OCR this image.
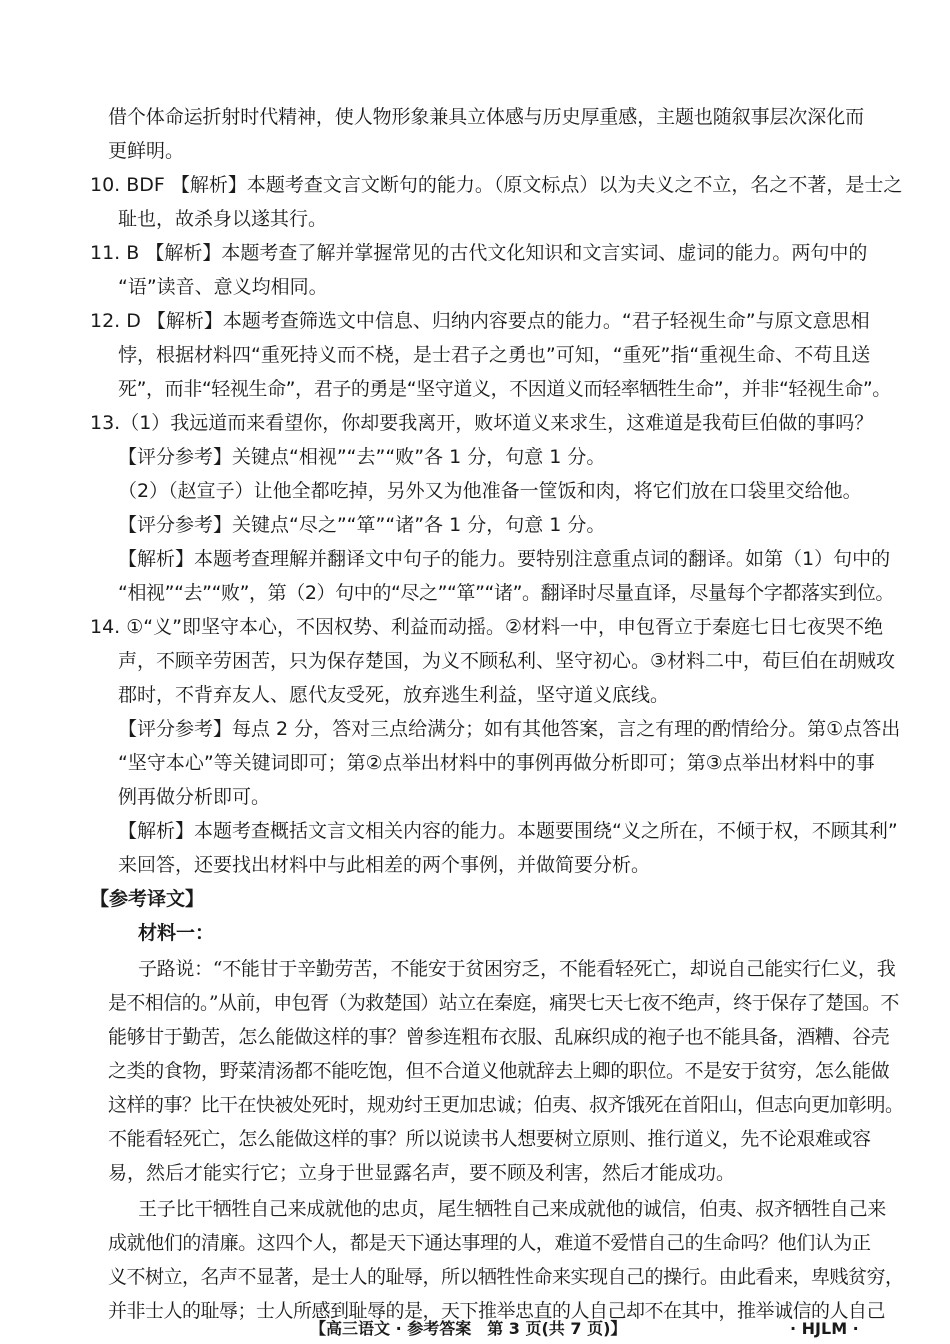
借个体命运折射时代精神，使人物形象兼具立体感与历史厚重感，主题也随叙事层次深化而
更鲜明。
10. BDF 【解析】本题考查文言文断句的能力。（原文标点）以为夫义之不立，名之不著，是士之
耻也，故杀身以遂其行。
11. B 【解析】本题考查了解并掌握常见的古代文化知识和文言实词、虚词的能力。两句中的
“语”读音、意义均相同。
12. D 【解析】本题考查筛选文中信息、归纳内容要点的能力。“君子轻视生命”与原文意思相
悖，根据材料四“重死持义而不桡，是士君子之勇也”可知，“重死”指“重视生命、不苟且送
死”，而非“轻视生命”，君子的勇是“坚守道义，不因道义而轻率牺牲生命”，并非“轻视生命”。
13.（1）我远道而来看望你，你却要我离开，败坏道义来求生，这难道是我荀巨伯做的事吗？
【评分参考】关键点“相视”“去”“败”各 1 分，句意 1 分。
（2）（赵宣子）让他全都吃掉，另外又为他准备一筐饭和肉，将它们放在口袋里交给他。
【评分参考】关键点“尽之”“箪”“诸”各 1 分，句意 1 分。
【解析】本题考查理解并翻译文中句子的能力。要特别注意重点词的翻译。如第（1）句中的
“相视”“去”“败”，第（2）句中的“尽之”“箪”“诸”。翻译时尽量直译，尽量每个字都落实到位。
14. ①“义”即坚守本心，不因权势、利益而动摇。②材料一中，申包胥立于秦庭七日七夜哭不绝
声，不顾辛劳困苦，只为保存楚国，为义不顾私利、坚守初心。③材料二中，荀巨伯在胡贼攻
郡时，不背弃友人、愿代友受死，放弃逃生利益，坚守道义底线。
【评分参考】每点 2 分，答对三点给满分；如有其他答案，言之有理的酌情给分。第①点答出
“坚守本心”等关键词即可；第②点举出材料中的事例再做分析即可；第③点举出材料中的事
例再做分析即可。
【解析】本题考查概括文言文相关内容的能力。本题要围绕“义之所在，不倾于权，不顾其利”
来回答，还要找出材料中与此相差的两个事例，并做简要分析。
【参考译文】
材料一：
子路说：“不能甘于辛勤劳苦，不能安于贫困穷乏，不能看轻死亡，却说自己能实行仁义，我
是不相信的。”从前，申包胥（为救楚国）站立在秦庭，痛哭七天七夜不绝声，终于保存了楚国。不
能够甘于勤苦，怎么能做这样的事？曾参连粗布衣服、乱麻织成的袍子也不能具备，酒糟、谷壳
之类的食物，野菜清汤都不能吃饱，但不合道义他就辞去上卿的职位。不是安于贫穷，怎么能做
这样的事？比干在快被处死时，规劝纣王更加忠诚；伯夷、叔齐饿死在首阳山，但志向更加彰明。
不能看轻死亡，怎么能做这样的事？所以说读书人想要树立原则、推行道义，先不论艰难或容
易，然后才能实行它；立身于世显露名声，要不顾及利害，然后才能成功。
王子比干牺牲自己来成就他的忠贞，尾生牺牲自己来成就他的诚信，伯夷、叔齐牺牲自己来
成就他们的清廉。这四个人，都是天下通达事理的人，难道不爱惜自己的生命吗？他们认为正
义不树立，名声不显著，是士人的耻辱，所以牺牲性命来实现自己的操行。由此看来，卑贱贫穷，
并非士人的耻辱；士人所感到耻辱的是，天下推举忠直的人自己却不在其中，推举诚信的人自己
【高三语文 · 参考答案　第 3 页(共 7 页)】	· HJLM ·
